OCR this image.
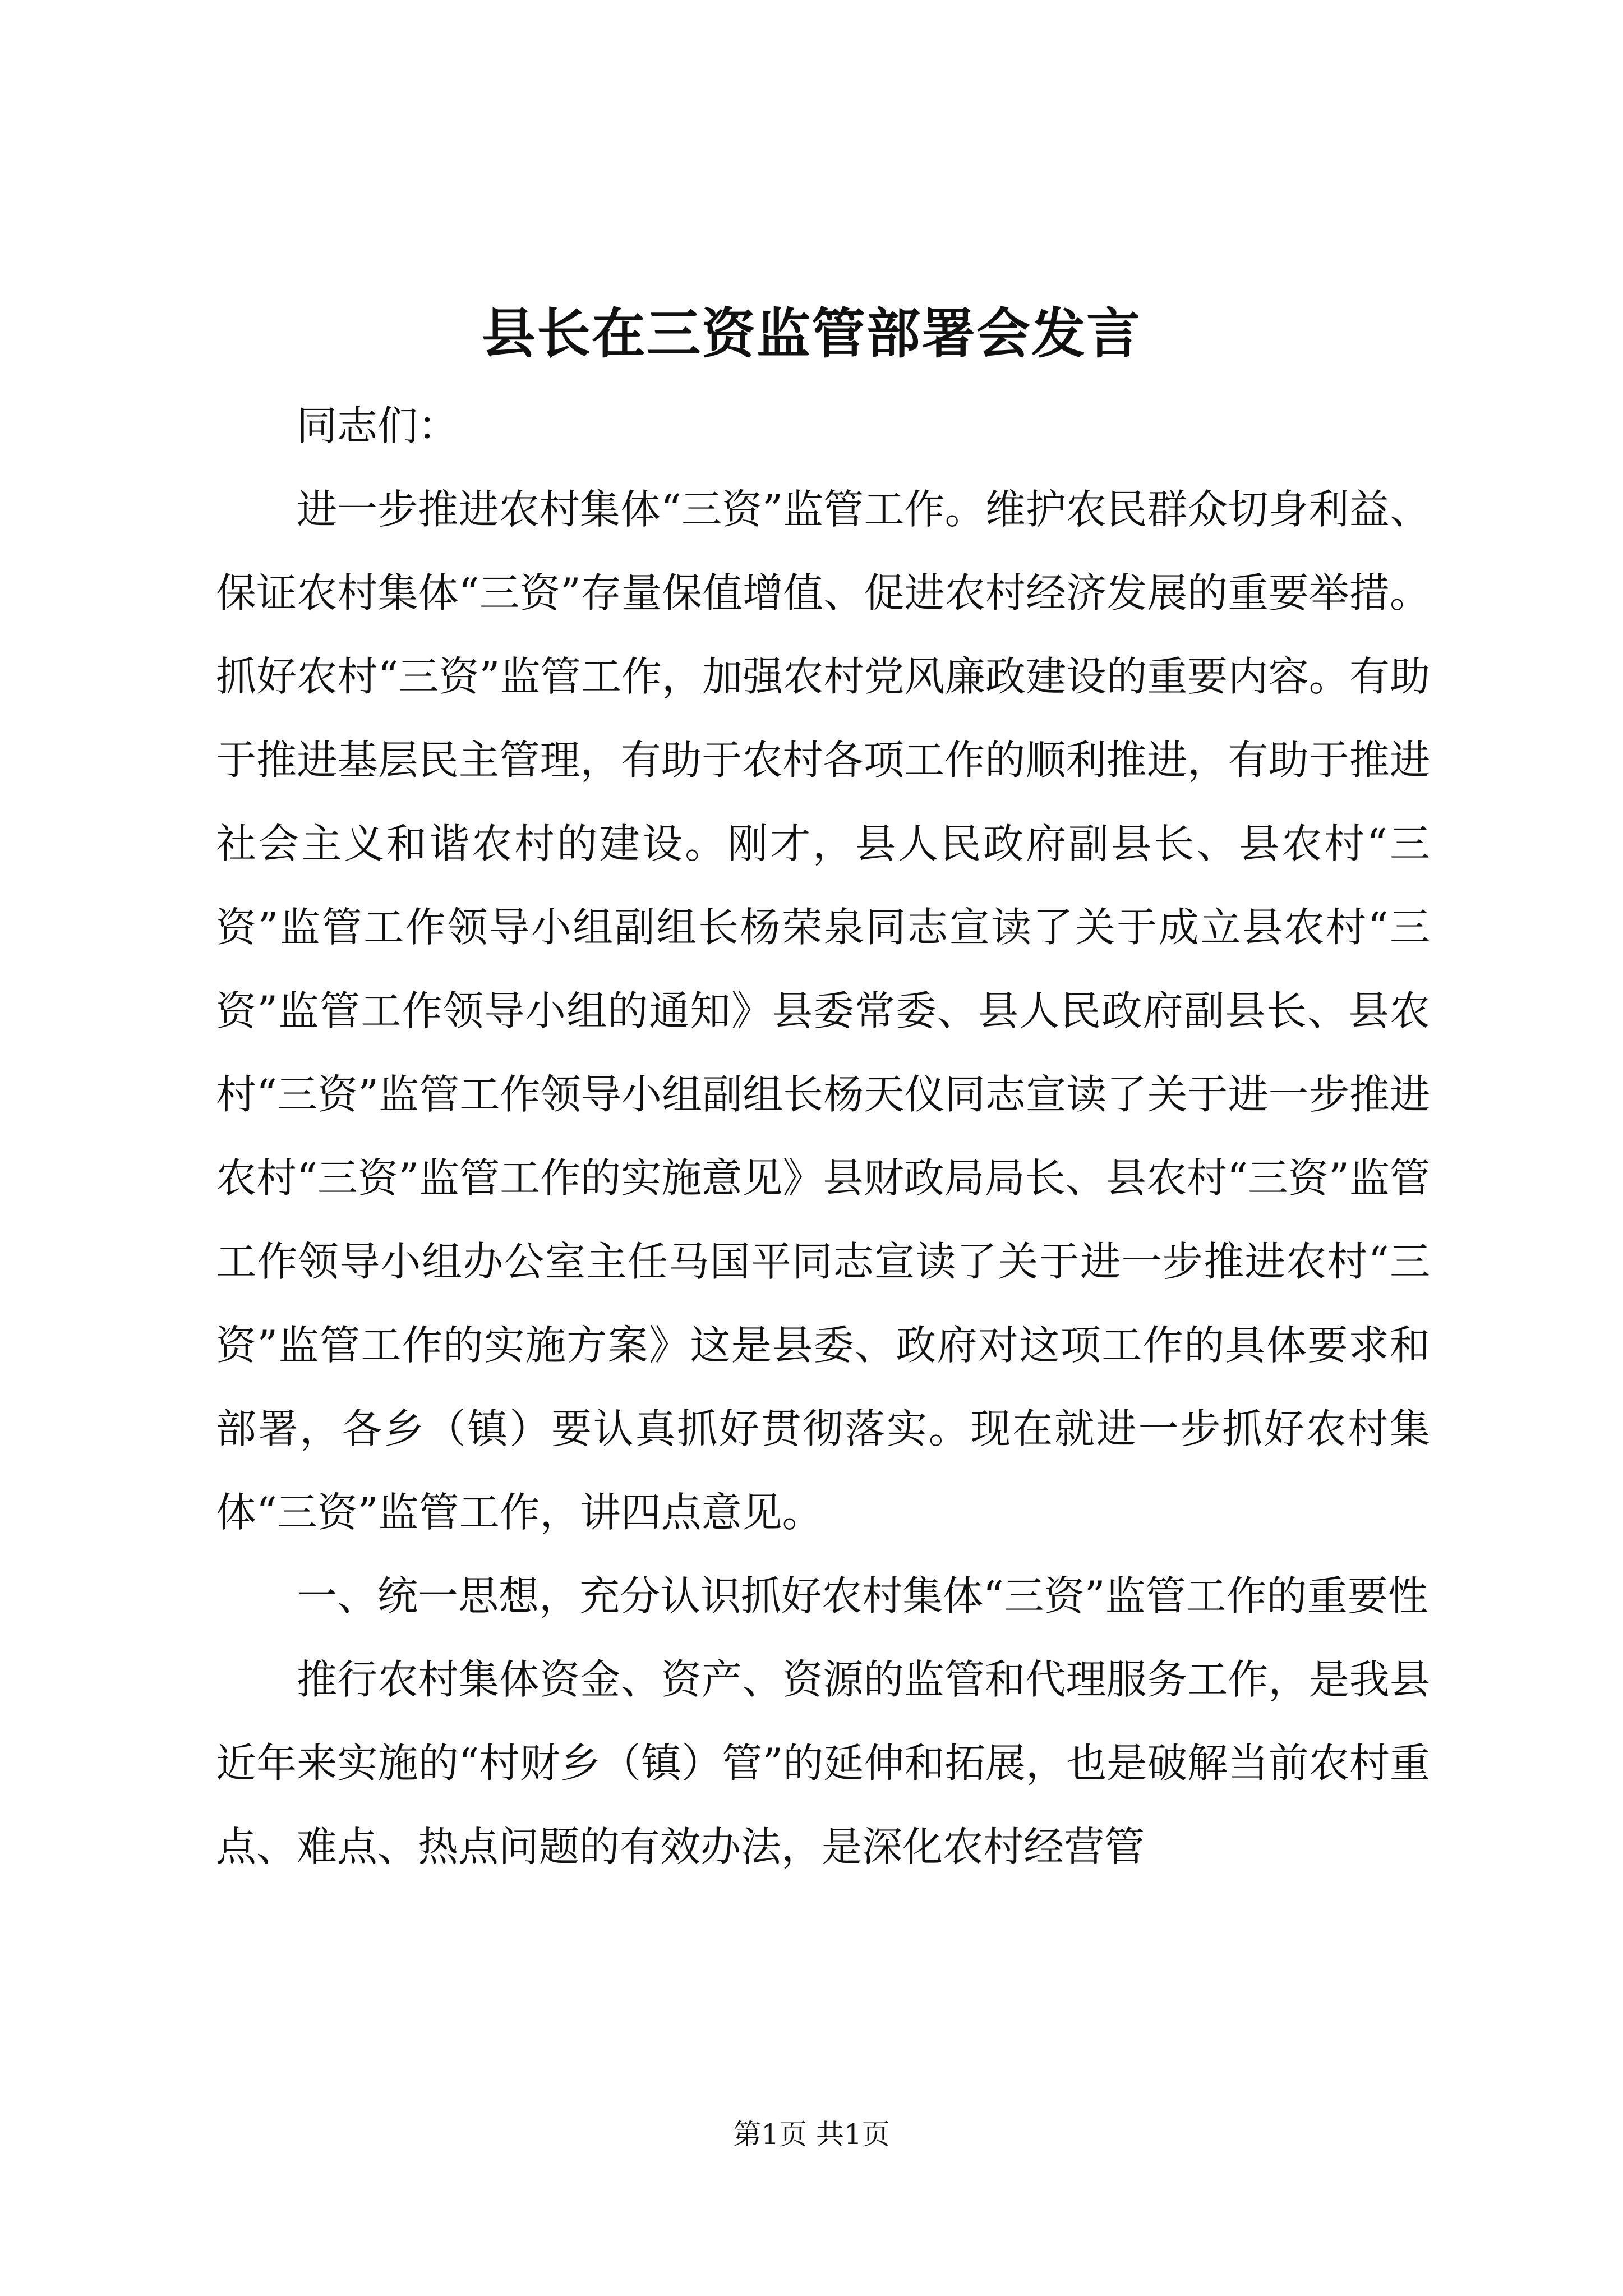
县长在三资监管部署会发言

同志们：

进一步推进农村集体“三资”监管工作。维护农民群众切身利益、保证农村集体“三资”存量保值增值、促进农村经济发展的重要举措。抓好农村“三资”监管工作，加强农村党风廉政建设的重要内容。有助于推进基层民主管理，有助于农村各项工作的顺利推进，有助于推进社会主义和谐农村的建设。刚才，县人民政府副县长、县农村“三资”监管工作领导小组副组长杨荣泉同志宣读了关于成立县农村“三资”监管工作领导小组的通知》县委常委、县人民政府副县长、县农村“三资”监管工作领导小组副组长杨天仪同志宣读了关于进一步推进农村“三资”监管工作的实施意见》县财政局局长、县农村“三资”监管工作领导小组办公室主任马国平同志宣读了关于进一步推进农村“三资”监管工作的实施方案》这是县委、政府对这项工作的具体要求和部署，各乡（镇）要认真抓好贯彻落实。现在就进一步抓好农村集体“三资”监管工作，讲四点意见。

一、统一思想，充分认识抓好农村集体“三资”监管工作的重要性

推行农村集体资金、资产、资源的监管和代理服务工作，是我县近年来实施的“村财乡（镇）管”的延伸和拓展，也是破解当前农村重点、难点、热点问题的有效办法，是深化农村经营管

第1页 共1页
